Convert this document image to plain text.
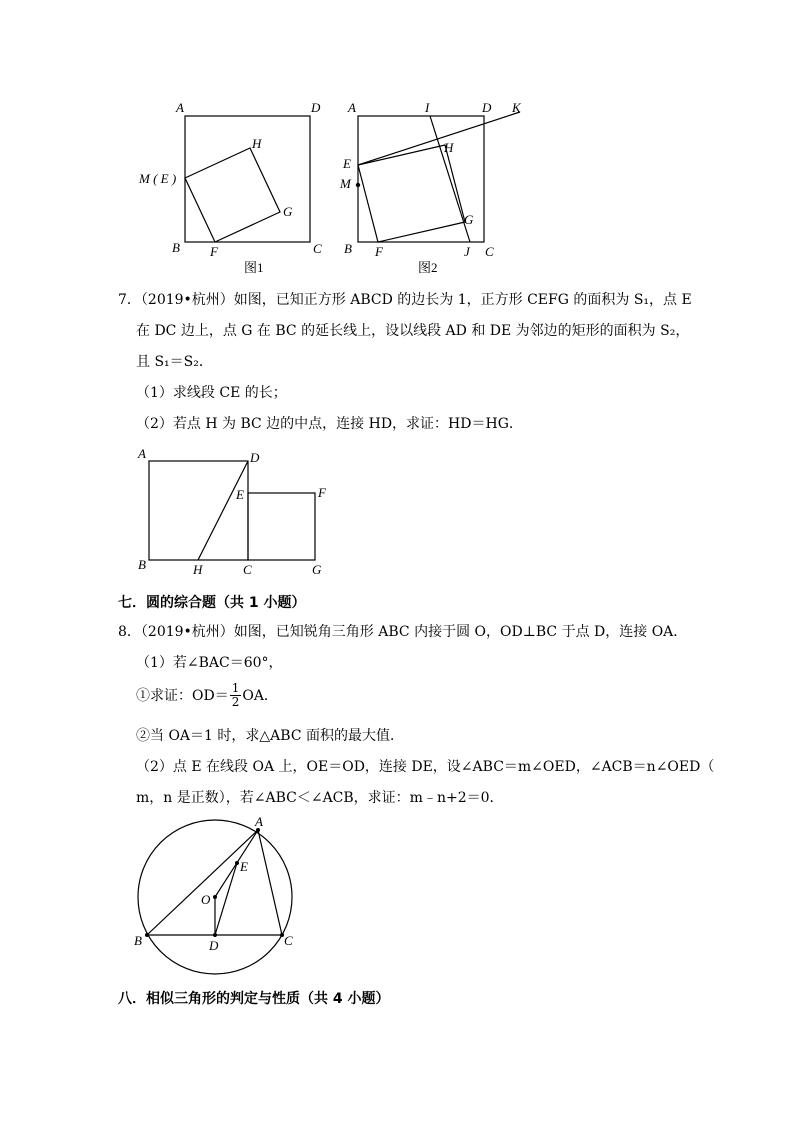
A	D
M ( E )
H
G
B F	C
图1
A	I	D K
E
M
H
G
B F	J C
图2
A	D
E	F
B	H	C	G
A
E
O
B	D	C
7．（2019•杭州）如图，已知正方形 ABCD 的边长为 1，正方形 CEFG 的面积为 S₁，点 E
在 DC 边上，点 G 在 BC 的延长线上，设以线段 AD 和 DE 为邻边的矩形的面积为 S₂，
且 S₁＝S₂．
（1）求线段 CE 的长；
（2）若点 H 为 BC 边的中点，连接 HD，求证：HD＝HG．
七．圆的综合题（共 1 小题）
8．（2019•杭州）如图，已知锐角三角形 ABC 内接于圆 O，OD⊥BC 于点 D，连接 OA．
（1）若∠BAC＝60°，
①求证：$OD= \frac{1}{2}$ OA．
②当 OA＝1 时，求△ABC 面积的最大值．
（2）点 E 在线段 OA 上，OE＝OD，连接 DE，设∠ABC＝m∠OED，∠ACB＝n∠OED（
m，n 是正数），若∠ABC＜∠ACB，求证：m﹣n+2＝0．
八．相似三角形的判定与性质（共 4 小题）
